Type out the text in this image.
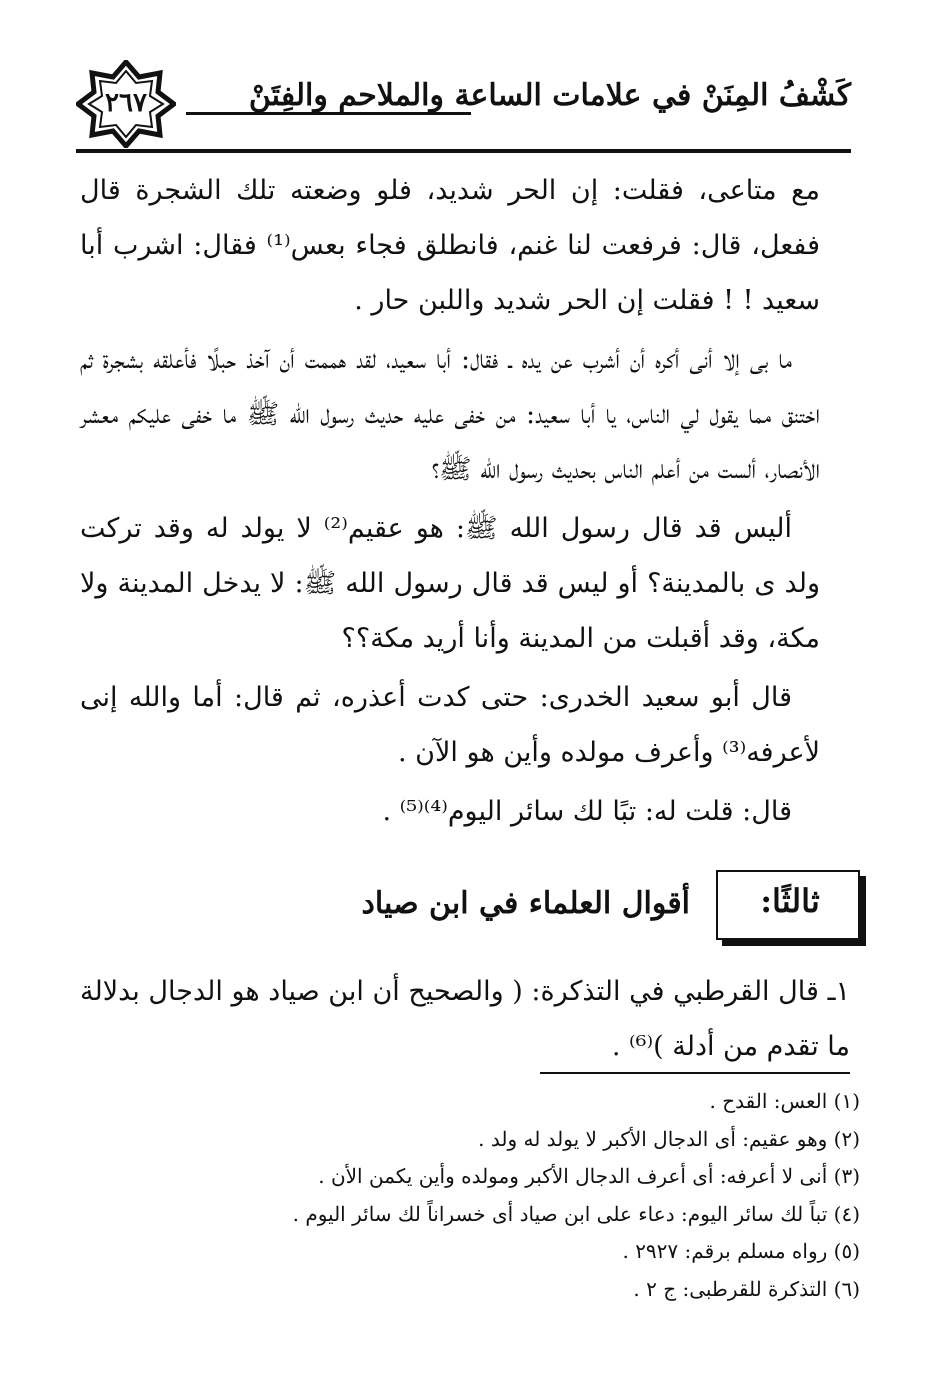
٢٦٧	كَشْفُ المِنَنْ في علامات الساعة والملاحم والفِتَنْ

مع متاعى، فقلت: إن الحر شديد، فلو وضعته تلك الشجرة قال ففعل، قال: فرفعت لنا غنم، فانطلق فجاء بعس⁽¹⁾ فقال: اشرب أبا سعيد ! ! فقلت إن الحر شديد واللبن حار .

ما بى إلا أنى أكره أن أشرب عن يده ـ فقال: أبا سعيد، لقد هممت أن آخذ حبلًا فأعلقه بشجرة ثم اختنق مما يقول لي الناس، يا أبا سعيد: من خفى عليه حديث رسول الله ﷺ ما خفى عليكم معشر الأنصار، ألست من أعلم الناس بحديث رسول الله ﷺ؟

أليس قد قال رسول الله ﷺ: هو عقيم⁽²⁾ لا يولد له وقد تركت ولد ى بالمدينة؟ أو ليس قد قال رسول الله ﷺ: لا يدخل المدينة ولا مكة، وقد أقبلت من المدينة وأنا أريد مكة؟؟

قال أبو سعيد الخدرى: حتى كدت أعذره، ثم قال: أما والله إنى لأعرفه⁽³⁾ وأعرف مولده وأين هو الآن .

قال: قلت له: تبًا لك سائر اليوم⁽⁴⁾⁽⁵⁾ .

ثالثًا:
أقوال العلماء في ابن صياد

١ـ قال القرطبي في التذكرة: ( والصحيح أن ابن صياد هو الدجال بدلالة ما تقدم من أدلة )⁽⁶⁾ .

(١) العس: القدح .
(٢) وهو عقيم: أى الدجال الأكبر لا يولد له ولد .
(٣) أنى لا أعرفه: أى أعرف الدجال الأكبر ومولده وأين يكمن الأن .
(٤) تباً لك سائر اليوم: دعاء على ابن صياد أى خسراناً لك سائر اليوم .
(٥) رواه مسلم برقم: ٢٩٢٧ .
(٦) التذكرة للقرطبى: ج ٢ .
